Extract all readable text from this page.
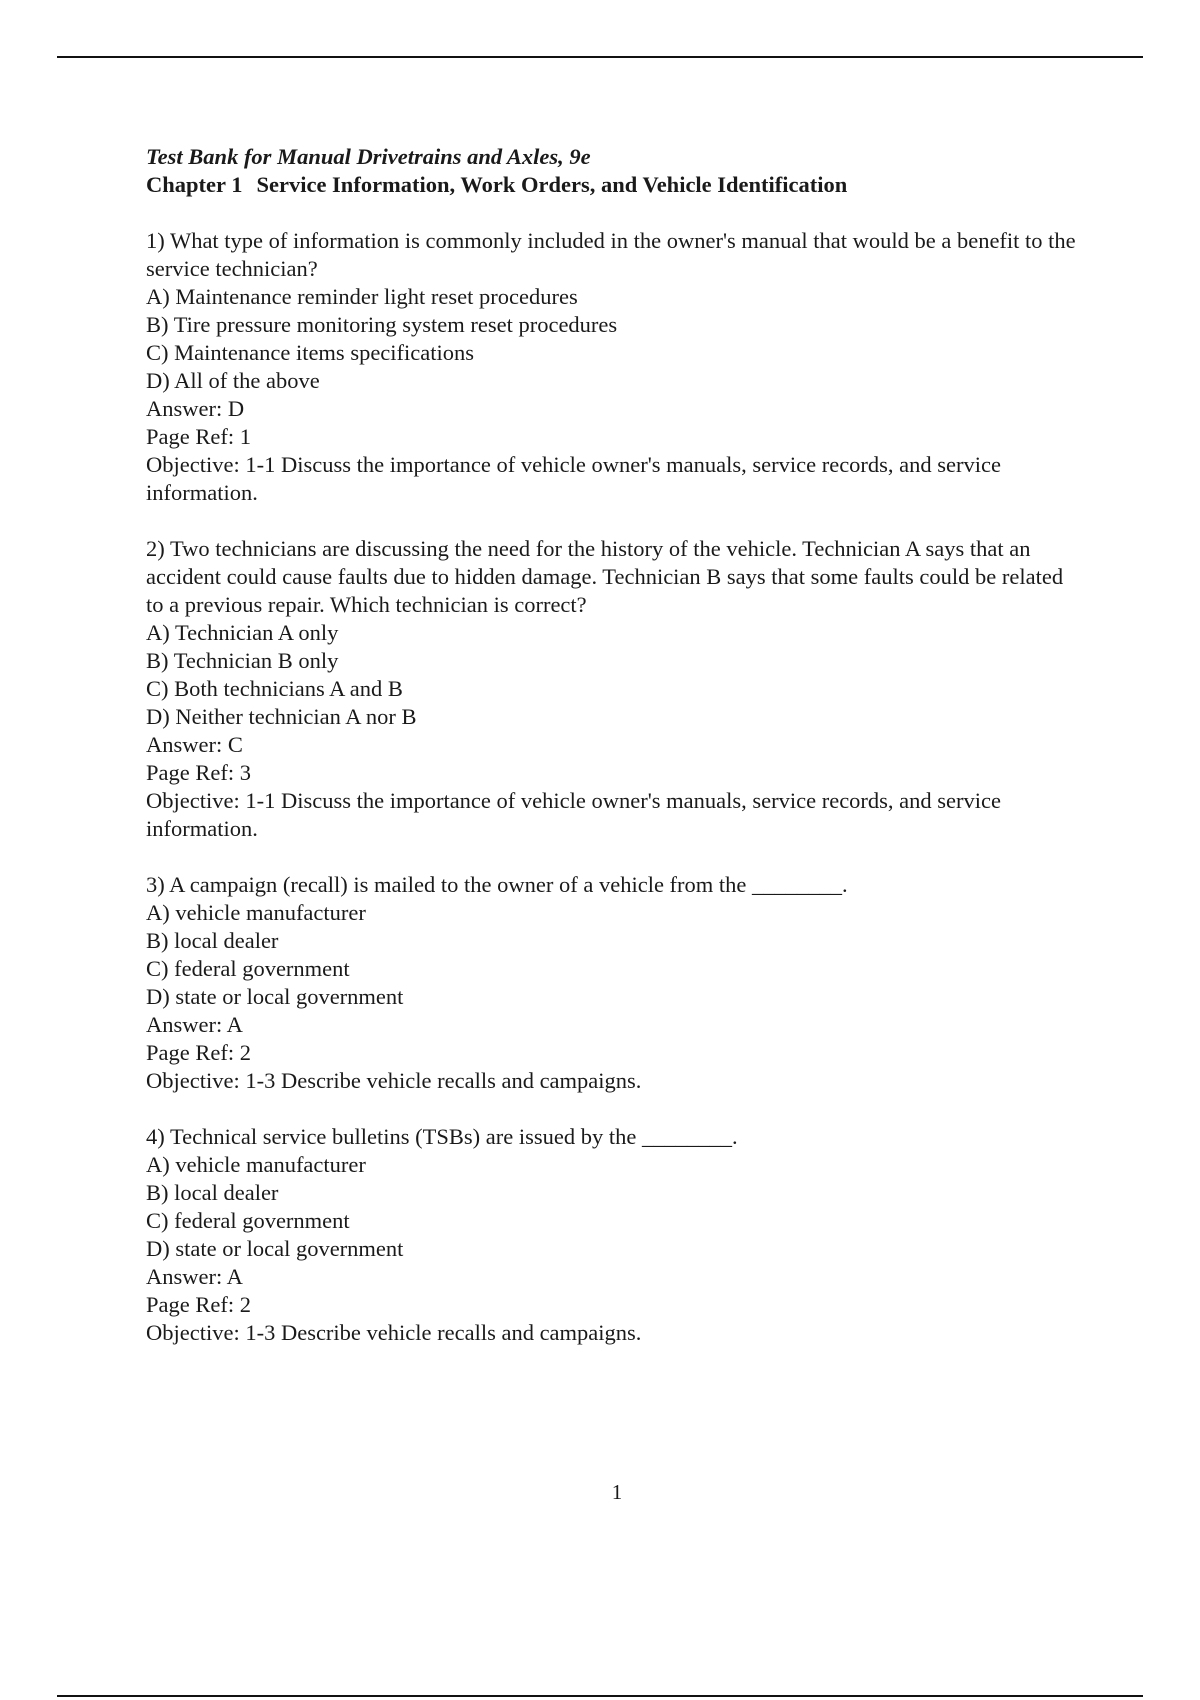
Test Bank for Manual Drivetrains and Axles, 9e

Chapter 1 Service Information, Work Orders, and Vehicle Identification

1) What type of information is commonly included in the owner's manual that would be a benefit to the service technician?
A) Maintenance reminder light reset procedures
B) Tire pressure monitoring system reset procedures
C) Maintenance items specifications
D) All of the above
Answer: D
Page Ref: 1
Objective: 1-1 Discuss the importance of vehicle owner's manuals, service records, and service information.
2) Two technicians are discussing the need for the history of the vehicle. Technician A says that an accident could cause faults due to hidden damage. Technician B says that some faults could be related to a previous repair. Which technician is correct?
A) Technician A only
B) Technician B only
C) Both technicians A and B
D) Neither technician A nor B
Answer: C
Page Ref: 3
Objective: 1-1 Discuss the importance of vehicle owner's manuals, service records, and service information.
3) A campaign (recall) is mailed to the owner of a vehicle from the ________.
A) vehicle manufacturer
B) local dealer
C) federal government
D) state or local government
Answer: A
Page Ref: 2
Objective: 1-3 Describe vehicle recalls and campaigns.
4) Technical service bulletins (TSBs) are issued by the ________.
A) vehicle manufacturer
B) local dealer
C) federal government
D) state or local government
Answer: A
Page Ref: 2
Objective: 1-3 Describe vehicle recalls and campaigns.
1
